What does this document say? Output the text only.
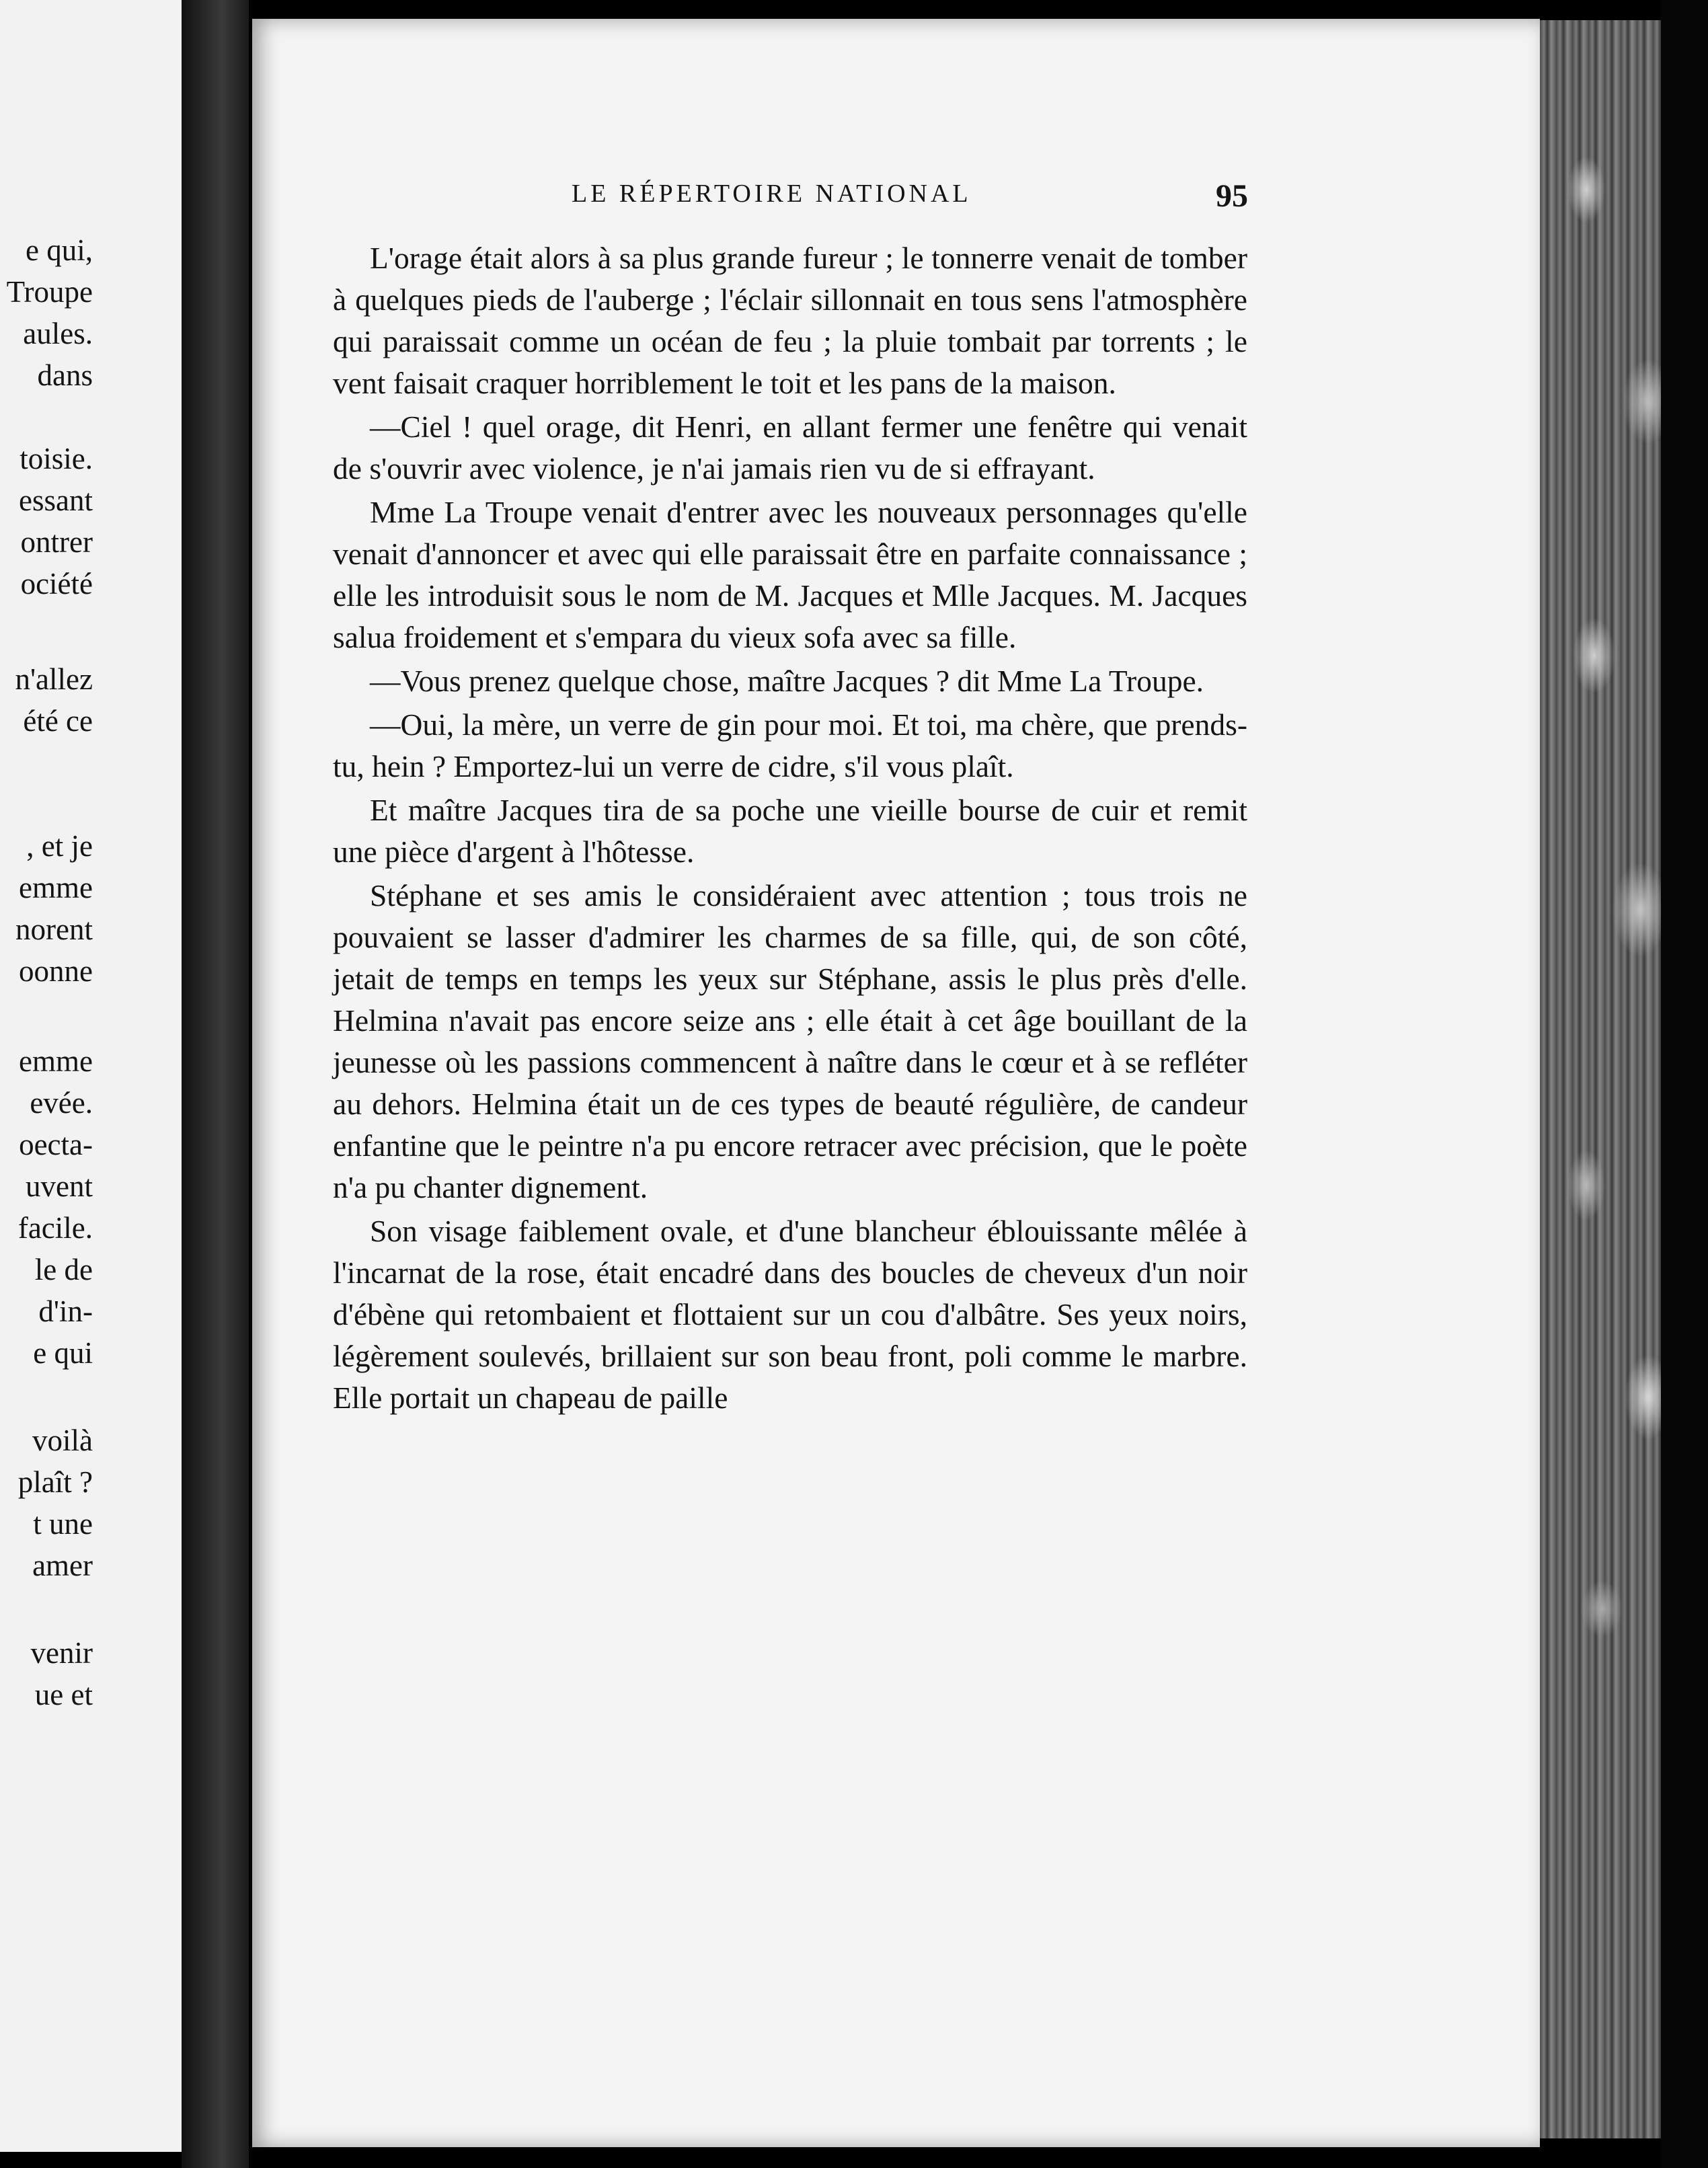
e qui,
Troupe
aules.
dans
toisie.
essant
ontrer
ociété
n'allez
été ce
, et je
emme
norent
oonne
emme
evée.
oecta-
uvent
facile.
le de
d'in-
e qui
voilà
plaît ?
t une
amer
venir
ue et
LE RÉPERTOIRE NATIONAL	95

L'orage était alors à sa plus grande fureur ; le tonnerre venait de tomber à quelques pieds de l'auberge ; l'éclair sillonnait en tous sens l'atmosphère qui paraissait comme un océan de feu ; la pluie tombait par torrents ; le vent faisait craquer horriblement le toit et les pans de la maison.

—Ciel ! quel orage, dit Henri, en allant fermer une fenêtre qui venait de s'ouvrir avec violence, je n'ai jamais rien vu de si effrayant.

Mme La Troupe venait d'entrer avec les nouveaux personnages qu'elle venait d'annoncer et avec qui elle paraissait être en parfaite connaissance ; elle les introduisit sous le nom de M. Jacques et Mlle Jacques. M. Jacques salua froidement et s'empara du vieux sofa avec sa fille.

—Vous prenez quelque chose, maître Jacques ? dit Mme La Troupe.

—Oui, la mère, un verre de gin pour moi. Et toi, ma chère, que prends-tu, hein ? Emportez-lui un verre de cidre, s'il vous plaît.

Et maître Jacques tira de sa poche une vieille bourse de cuir et remit une pièce d'argent à l'hôtesse.

Stéphane et ses amis le considéraient avec attention ; tous trois ne pouvaient se lasser d'admirer les charmes de sa fille, qui, de son côté, jetait de temps en temps les yeux sur Stéphane, assis le plus près d'elle. Helmina n'avait pas encore seize ans ; elle était à cet âge bouillant de la jeunesse où les passions commencent à naître dans le cœur et à se refléter au dehors. Helmina était un de ces types de beauté régulière, de candeur enfantine que le peintre n'a pu encore retracer avec précision, que le poète n'a pu chanter dignement.

Son visage faiblement ovale, et d'une blancheur éblouissante mêlée à l'incarnat de la rose, était encadré dans des boucles de cheveux d'un noir d'ébène qui retombaient et flottaient sur un cou d'albâtre. Ses yeux noirs, légèrement soulevés, brillaient sur son beau front, poli comme le marbre. Elle portait un chapeau de paille
